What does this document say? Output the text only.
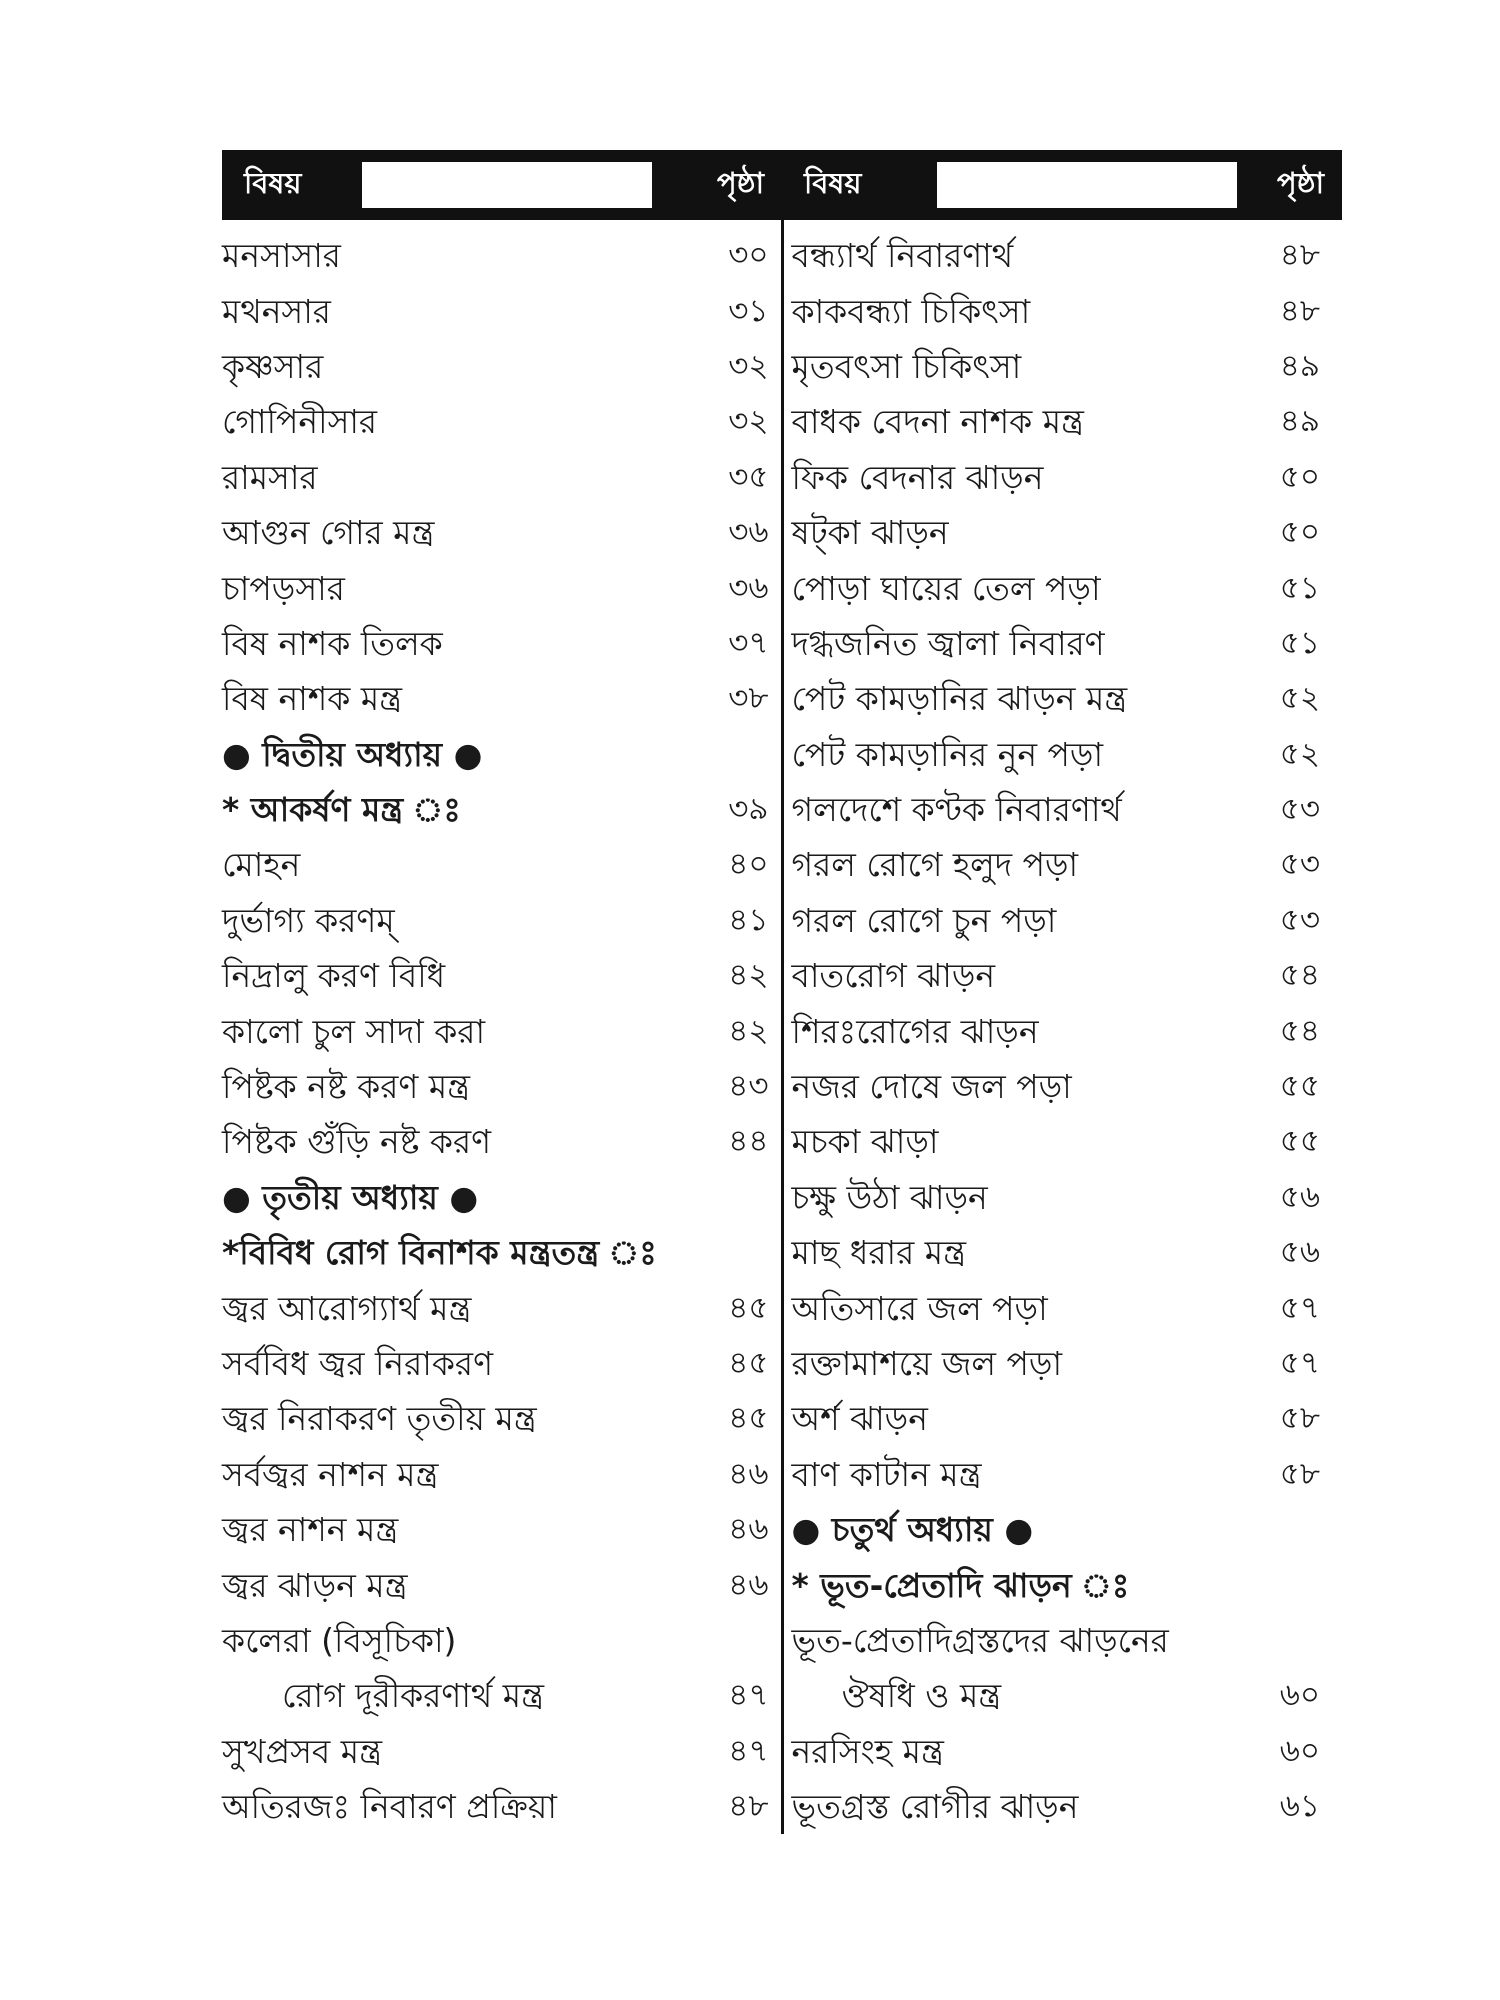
বিষয়	পৃষ্ঠা	বিষয়	পৃষ্ঠা
মনসাসার	৩০
মথনসার	৩১
কৃষ্ণসার	৩২
গোপিনীসার	৩২
রামসার	৩৫
আগুন গোর মন্ত্র	৩৬
চাপড়সার	৩৬
বিষ নাশক তিলক	৩৭
বিষ নাশক মন্ত্র	৩৮
● দ্বিতীয় অধ্যায় ●
* আকর্ষণ মন্ত্র ঃ	৩৯
মোহন	৪০
দুর্ভাগ্য করণম্	৪১
নিদ্রালু করণ বিধি	৪২
কালো চুল সাদা করা	৪২
পিষ্টক নষ্ট করণ মন্ত্র	৪৩
পিষ্টক গুঁড়ি নষ্ট করণ	৪৪
● তৃতীয় অধ্যায় ●
*বিবিধ রোগ বিনাশক মন্ত্রতন্ত্র ঃ
জ্বর আরোগ্যার্থ মন্ত্র	৪৫
সর্ববিধ জ্বর নিরাকরণ	৪৫
জ্বর নিরাকরণ তৃতীয় মন্ত্র	৪৫
সর্বজ্বর নাশন মন্ত্র	৪৬
জ্বর নাশন মন্ত্র	৪৬
জ্বর ঝাড়ন মন্ত্র	৪৬
কলেরা (বিসূচিকা)
রোগ দূরীকরণার্থ মন্ত্র	৪৭
সুখপ্রসব মন্ত্র	৪৭
অতিরজঃ নিবারণ প্রক্রিয়া	৪৮
বন্ধ্যার্থ নিবারণার্থ	৪৮
কাকবন্ধ্যা চিকিৎসা	৪৮
মৃতবৎসা চিকিৎসা	৪৯
বাধক বেদনা নাশক মন্ত্র	৪৯
ফিক বেদনার ঝাড়ন	৫০
ষট্‌কা ঝাড়ন	৫০
পোড়া ঘায়ের তেল পড়া	৫১
দগ্ধজনিত জ্বালা নিবারণ	৫১
পেট কামড়ানির ঝাড়ন মন্ত্র	৫২
পেট কামড়ানির নুন পড়া	৫২
গলদেশে কণ্টক নিবারণার্থ	৫৩
গরল রোগে হলুদ পড়া	৫৩
গরল রোগে চুন পড়া	৫৩
বাতরোগ ঝাড়ন	৫৪
শিরঃরোগের ঝাড়ন	৫৪
নজর দোষে জল পড়া	৫৫
মচকা ঝাড়া	৫৫
চক্ষু উঠা ঝাড়ন	৫৬
মাছ ধরার মন্ত্র	৫৬
অতিসারে জল পড়া	৫৭
রক্তামাশয়ে জল পড়া	৫৭
অর্শ ঝাড়ন	৫৮
বাণ কাটান মন্ত্র	৫৮
● চতুর্থ অধ্যায় ●
* ভূত-প্রেতাদি ঝাড়ন ঃ
ভূত-প্রেতাদিগ্রস্তদের ঝাড়নের
ঔষধি ও মন্ত্র	৬০
নরসিংহ মন্ত্র	৬০
ভূতগ্রস্ত রোগীর ঝাড়ন	৬১
